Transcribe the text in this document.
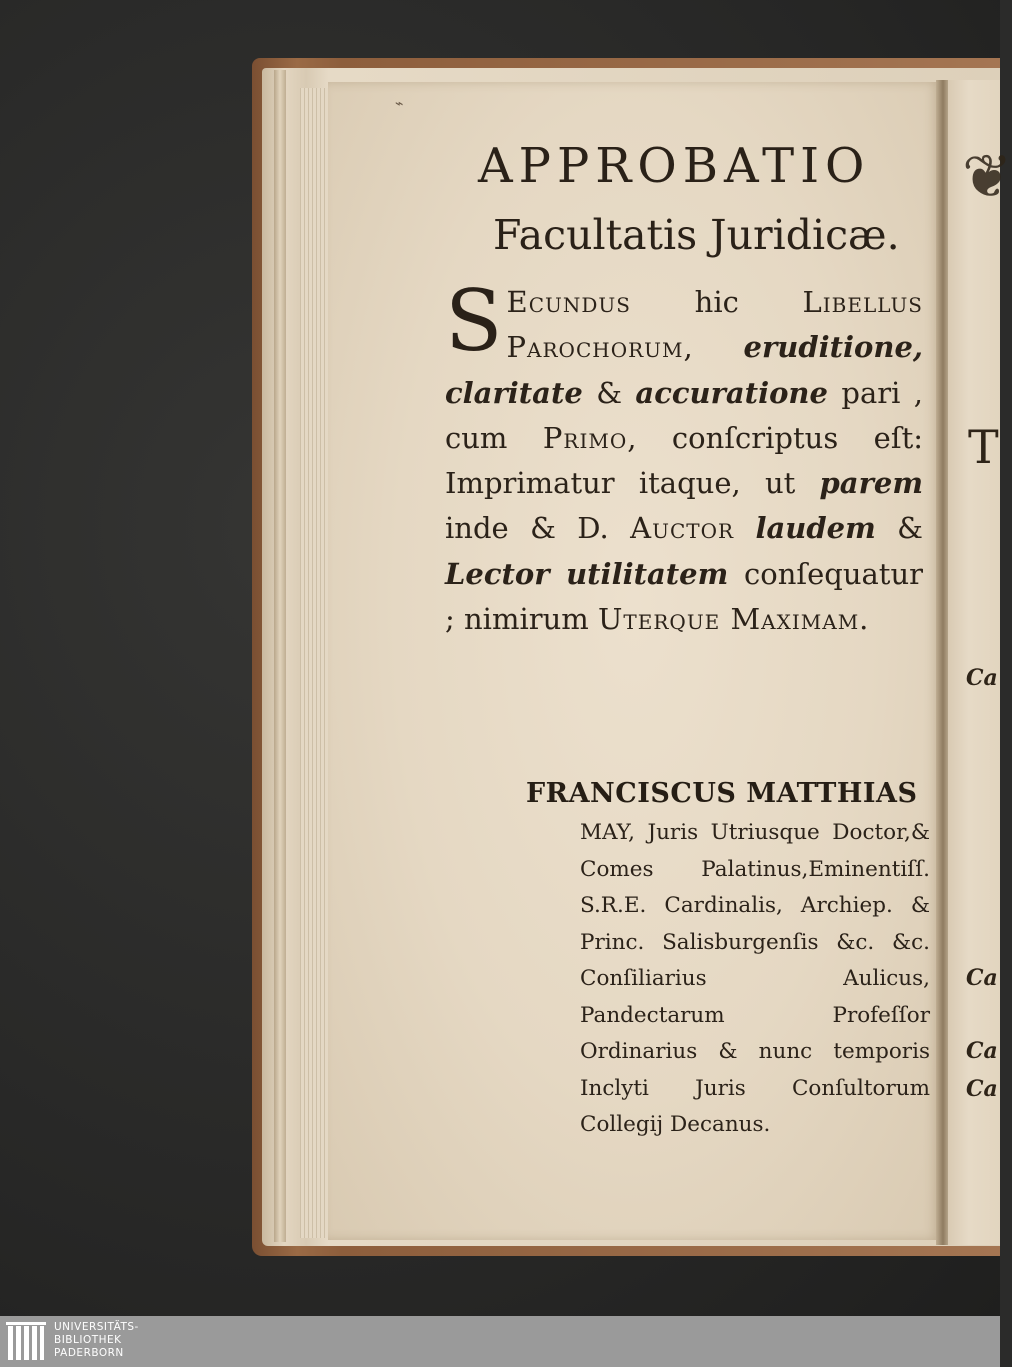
❦
T
Ca
Ca
Ca
Ca
⌁
APPROBATIO
Facultatis Juridicæ.
S Ecundus hic Libellus Parochorum, eruditione, claritate & accuratione pari , cum Primo, conſcriptus eſt: Imprimatur itaque, ut parem inde & D. Auctor laudem & Lector utilitatem conſequatur ; nimirum Uterque Maximam.
FRANCISCUS MATTHIAS
MAY, Juris Utriusque Doctor,& Comes Palatinus,Eminentiſſ. S.R.E. Cardinalis, Archiep. & Princ. Salisburgenſis &c. &c. Conſiliarius Aulicus, Pandectarum Profeſſor Ordinarius & nunc temporis Inclyti Juris Conſultorum Collegij Decanus.
UNIVERSITÄTS-
BIBLIOTHEK
PADERBORN
